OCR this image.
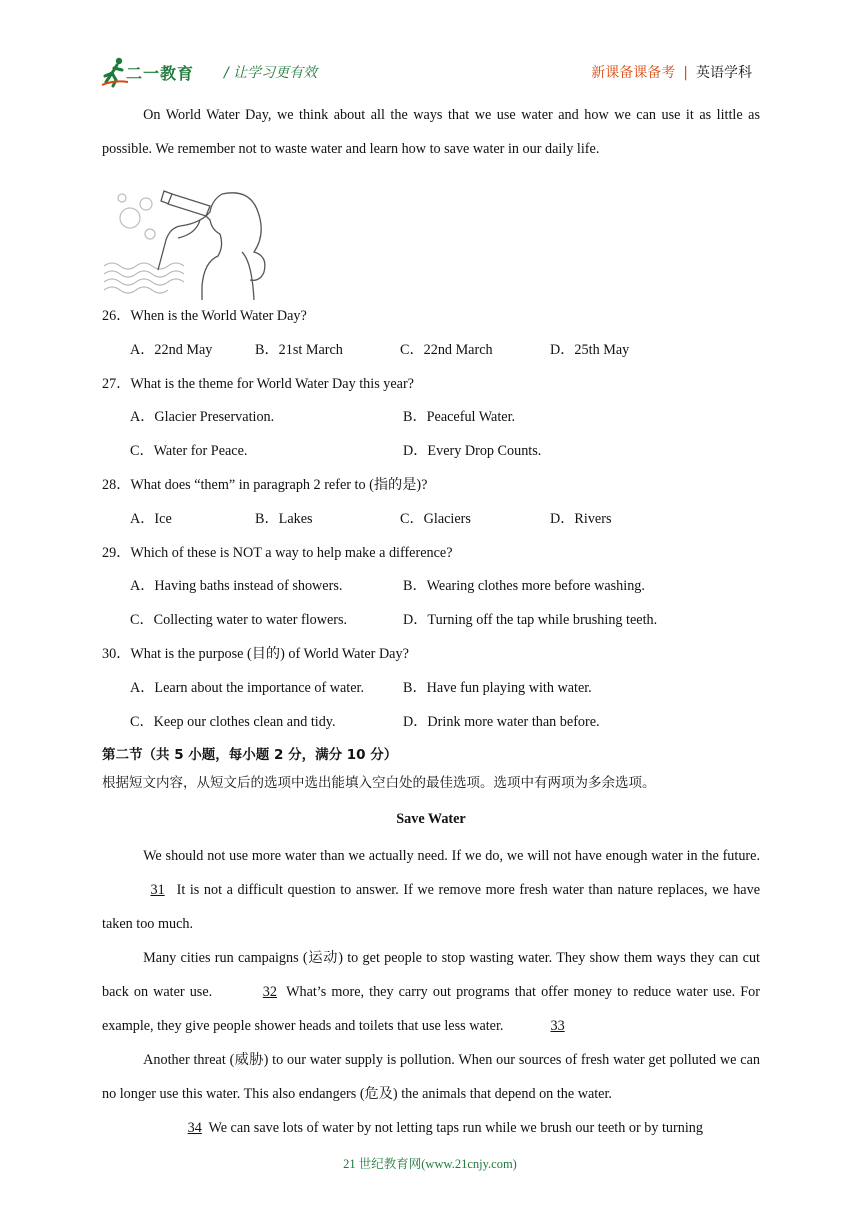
二一教育 / 让学习更有效	新课备课备考 | 英语学科

On World Water Day, we think about all the ways that we use water and how we can use it as little as possible. We remember not to waste water and learn how to save water in our daily life.

26．When is the World Water Day?

A．22nd May	B．21st March	C．22nd March	D．25th May

27．What is the theme for World Water Day this year?

A．Glacier Preservation.	B．Peaceful Water.
C．Water for Peace.	D．Every Drop Counts.

28．What does “them” in paragraph 2 refer to (指的是)?

A．Ice	B．Lakes	C．Glaciers	D．Rivers

29．Which of these is NOT a way to help make a difference?

A．Having baths instead of showers.	B．Wearing clothes more before washing.
C．Collecting water to water flowers.	D．Turning off the tap while brushing teeth.

30．What is the purpose (目的) of World Water Day?

A．Learn about the importance of water.	B．Have fun playing with water.
C．Keep our clothes clean and tidy.	D．Drink more water than before.
第二节（共 5 小题，每小题 2 分，满分 10 分）
根据短文内容，从短文后的选项中选出能填入空白处的最佳选项。选项中有两项为多余选项。
Save Water

We should not use more water than we actually need. If we do, we will not have enough water in the future. 31 It is not a difficult question to answer. If we remove more fresh water than nature replaces, we have taken too much.

Many cities run campaigns (运动) to get people to stop wasting water. They show them ways they can cut back on water use.	32 What’s more, they carry out programs that offer money to reduce water use. For example, they give people shower heads and toilets that use less water.	33

Another threat (威胁) to our water supply is pollution. When our sources of fresh water get polluted we can no longer use this water. This also endangers (危及) the animals that depend on the water.

34 We can save lots of water by not letting taps run while we brush our teeth or by turning

21 世纪教育网(www.21cnjy.com)
